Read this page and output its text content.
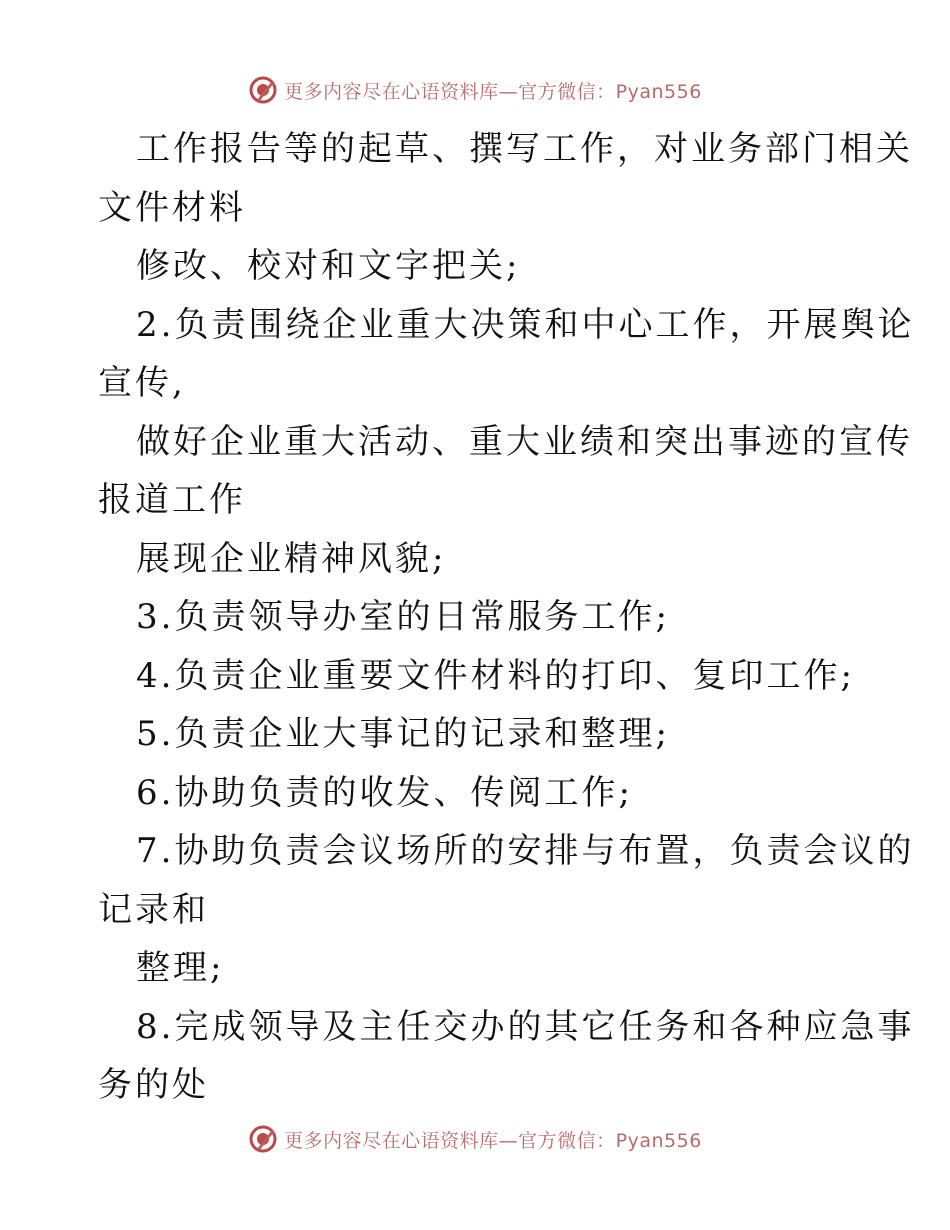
更多内容尽在心语资料库—官方微信：Pyan556
工作报告等的起草、撰写工作，对业务部门相关
文件材料
修改、校对和文字把关;
2.负责围绕企业重大决策和中心工作，开展舆论
宣传,
做好企业重大活动、重大业绩和突出事迹的宣传
报道工作
展现企业精神风貌;
3.负责领导办室的日常服务工作;
4.负责企业重要文件材料的打印、复印工作;
5.负责企业大事记的记录和整理;
6.协助负责的收发、传阅工作;
7.协助负责会议场所的安排与布置，负责会议的
记录和
整理;
8.完成领导及主任交办的其它任务和各种应急事
务的处
更多内容尽在心语资料库—官方微信：Pyan556
